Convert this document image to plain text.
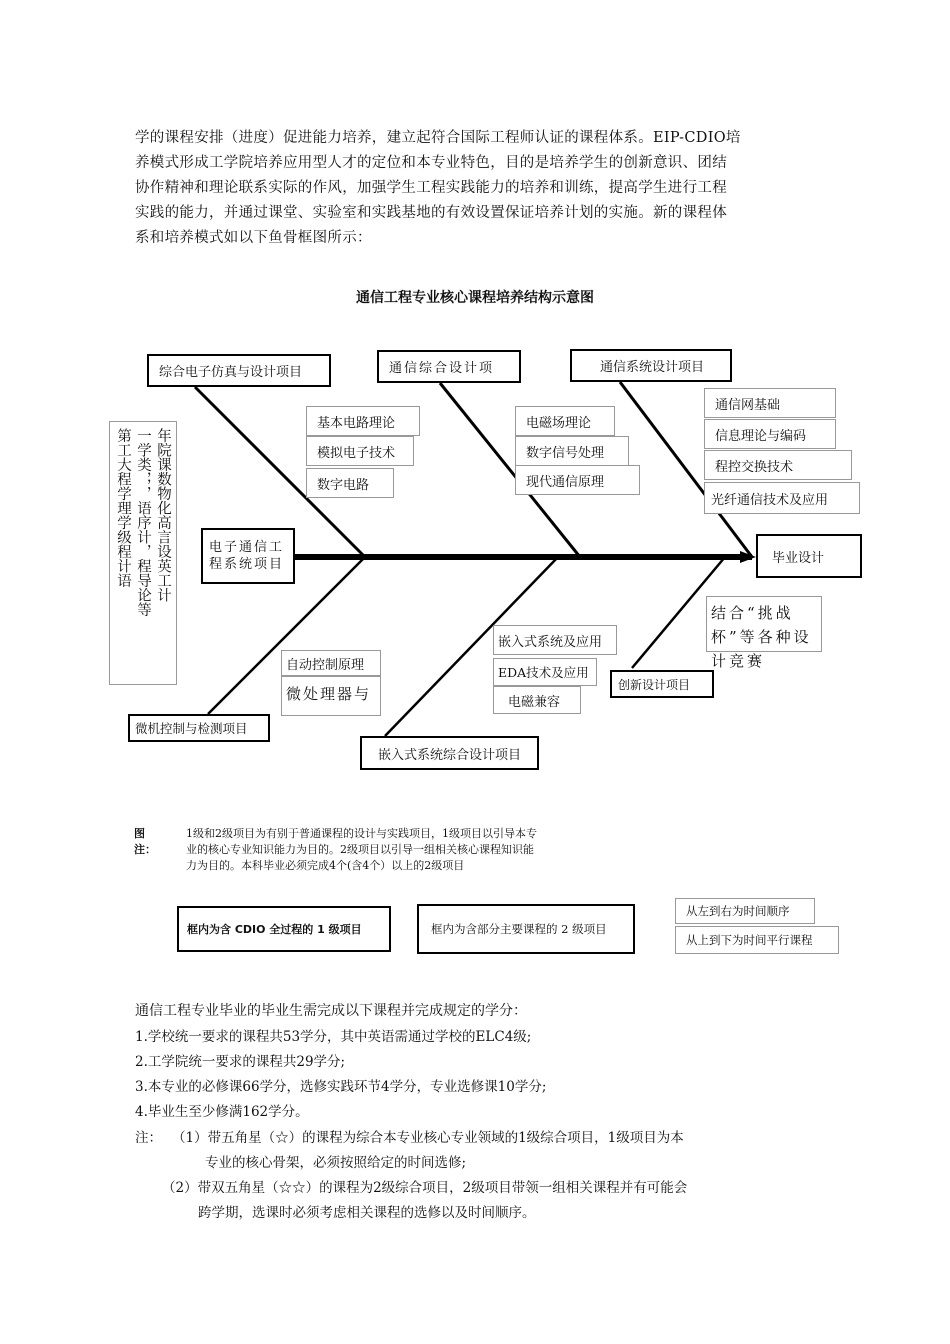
学的课程安排（进度）促进能力培养，建立起符合国际工程师认证的课程体系。EIP-CDIO培
养模式形成工学院培养应用型人才的定位和本专业特色，目的是培养学生的创新意识、团结
协作精神和理论联系实际的作风，加强学生工程实践能力的培养和训练，提高学生进行工程
实践的能力，并通过课堂、实验室和实践基地的有效设置保证培养计划的实施。新的课程体
系和培养模式如以下鱼骨框图所示：
通信工程专业核心课程培养结构示意图
综合电子仿真与设计项目	通信综合设计项	通信系统设计项目
电子通信工程系统项目	毕业设计
微机控制与检测项目
嵌入式系统综合设计项目
创新设计项目
年院课数物化高言设英工计
一学类，，，语序计，程导论等
第工大程学理学级程计语
基本电路理论
模拟电子技术
数字电路
电磁场理论
数字信号处理
现代通信原理
通信网基础
信息理论与编码
程控交换技术
光纤通信技术及应用
自动控制原理
微处理器与
嵌入式系统及应用
EDA技术及应用
电磁兼容
结合“挑战杯”等各种设计竞赛
图注：
1级和2级项目为有别于普通课程的设计与实践项目，1级项目以引导本专
业的核心专业知识能力为目的。2级项目以引导一组相关核心课程知识能
力为目的。本科毕业必须完成4个(含4个）以上的2级项目
框内为含 CDIO 全过程的 1 级项目	框内为含部分主要课程的 2 级项目
从左到右为时间顺序
从上到下为时间平行课程
通信工程专业毕业的毕业生需完成以下课程并完成规定的学分：
1.学校统一要求的课程共53学分，其中英语需通过学校的ELC4级;
2.工学院统一要求的课程共29学分;
3.本专业的必修课66学分，选修实践环节4学分，专业选修课10学分;
4.毕业生至少修满162学分。
注： （1）带五角星（☆）的课程为综合本专业核心专业领域的1级综合项目，1级项目为本
专业的核心骨架，必须按照给定的时间选修;
（2）带双五角星（☆☆）的课程为2级综合项目，2级项目带领一组相关课程并有可能会
跨学期，选课时必须考虑相关课程的选修以及时间顺序。
